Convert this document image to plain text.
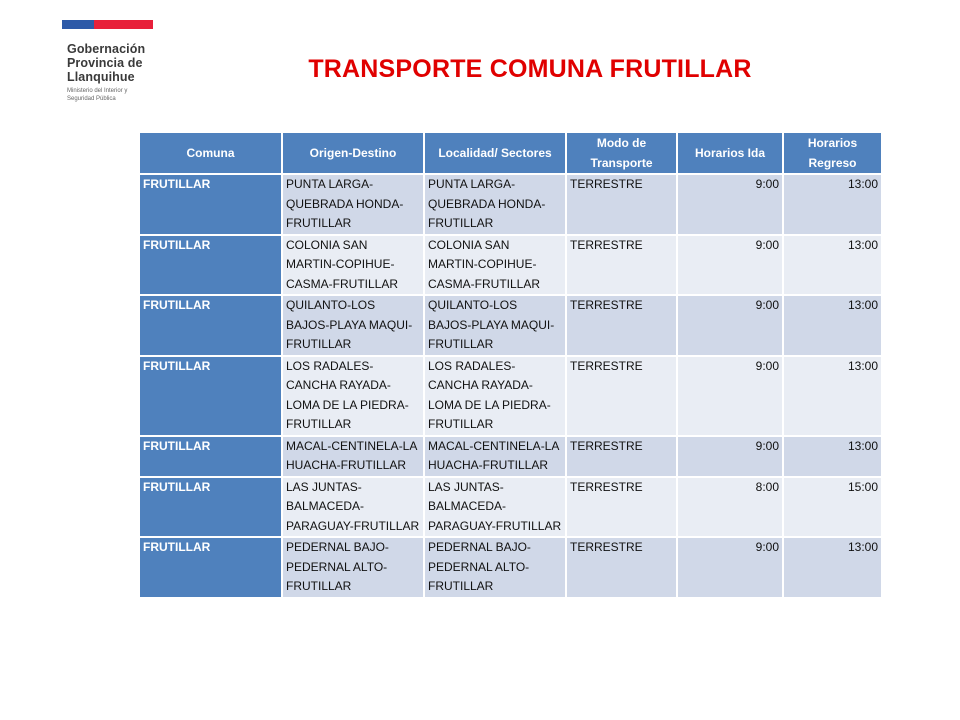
Gobernación
Provincia de
Llanquihue
Ministerio del Interior y
Seguridad Pública
TRANSPORTE COMUNA FRUTILLAR
Comuna	Origen-Destino	Localidad/ Sectores	Modo de Transporte	Horarios Ida	Horarios Regreso
FRUTILLAR	PUNTA LARGA-QUEBRADA HONDA-FRUTILLAR	PUNTA LARGA-QUEBRADA HONDA-FRUTILLAR	TERRESTRE	9:00	13:00
FRUTILLAR	COLONIA SAN MARTIN-COPIHUE-CASMA-FRUTILLAR	COLONIA SAN MARTIN-COPIHUE-CASMA-FRUTILLAR	TERRESTRE	9:00	13:00
FRUTILLAR	QUILANTO-LOS BAJOS-PLAYA MAQUI-FRUTILLAR	QUILANTO-LOS BAJOS-PLAYA MAQUI-FRUTILLAR	TERRESTRE	9:00	13:00
FRUTILLAR	LOS RADALES-CANCHA RAYADA-LOMA DE LA PIEDRA-FRUTILLAR	LOS RADALES-CANCHA RAYADA-LOMA DE LA PIEDRA-FRUTILLAR	TERRESTRE	9:00	13:00
FRUTILLAR	MACAL-CENTINELA-LA HUACHA-FRUTILLAR	MACAL-CENTINELA-LA HUACHA-FRUTILLAR	TERRESTRE	9:00	13:00
FRUTILLAR	LAS JUNTAS-BALMACEDA-PARAGUAY-FRUTILLAR	LAS JUNTAS-BALMACEDA-PARAGUAY-FRUTILLAR	TERRESTRE	8:00	15:00
FRUTILLAR	PEDERNAL BAJO-PEDERNAL ALTO-FRUTILLAR	PEDERNAL BAJO-PEDERNAL ALTO-FRUTILLAR	TERRESTRE	9:00	13:00
